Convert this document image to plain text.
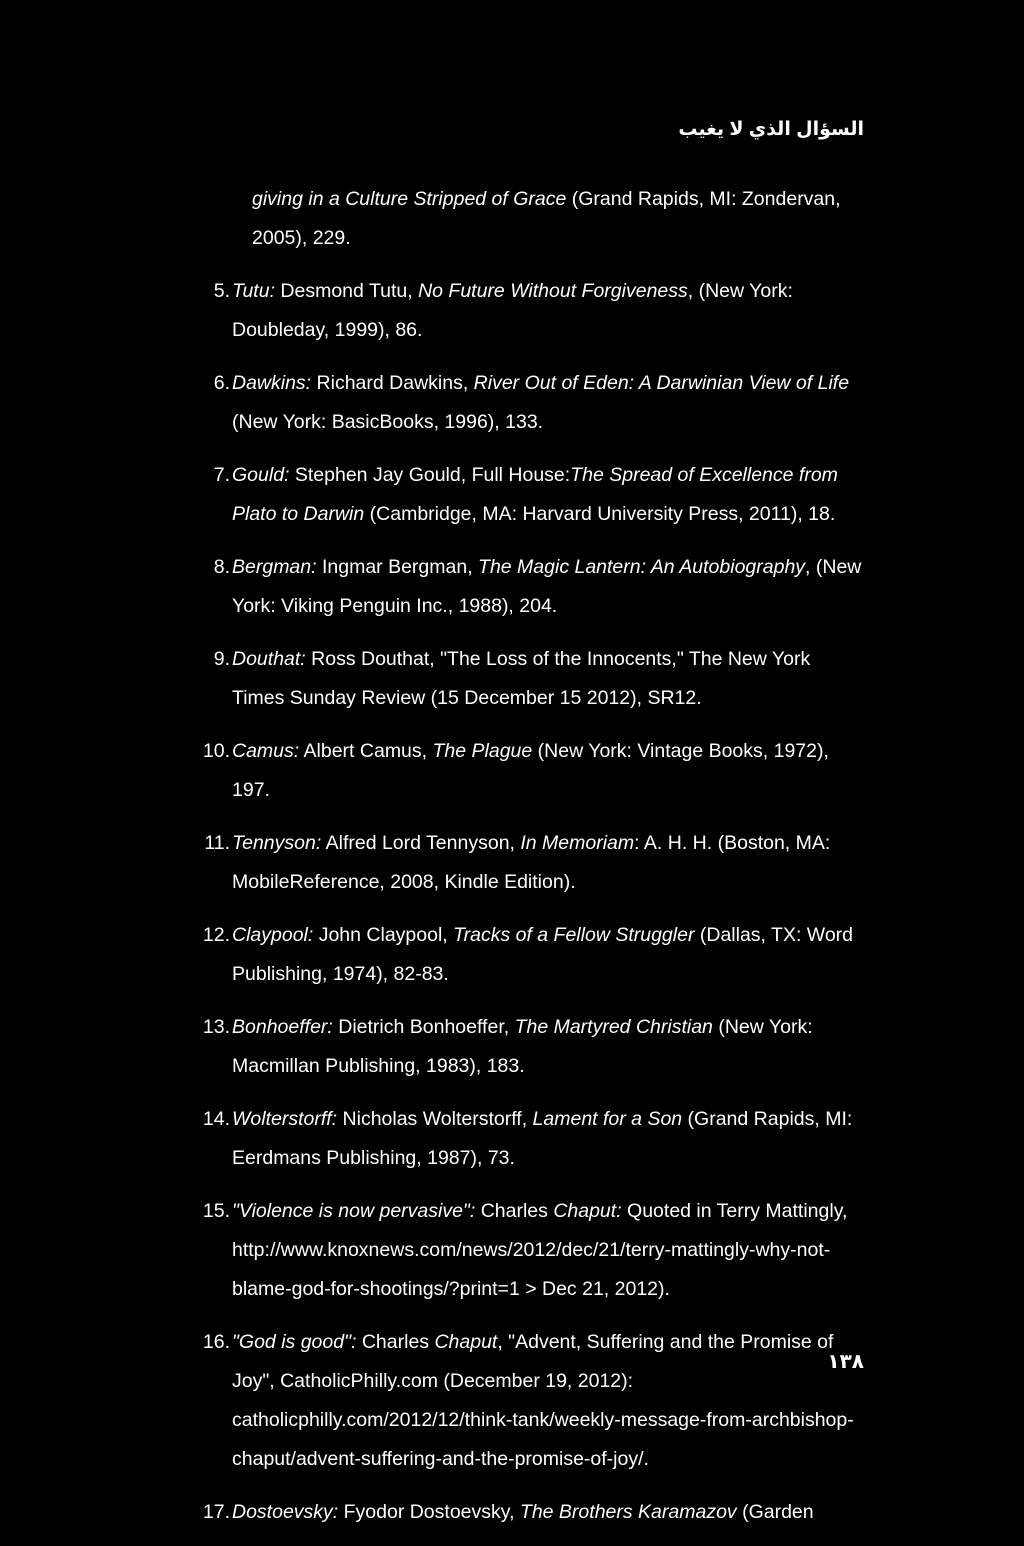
السؤال الذي لا يغيب
giving in a Culture Stripped of Grace (Grand Rapids, MI: Zondervan, 2005), 229.
5. Tutu: Desmond Tutu, No Future Without Forgiveness, (New York: Doubleday, 1999), 86.
6. Dawkins: Richard Dawkins, River Out of Eden: A Darwinian View of Life (New York: BasicBooks, 1996), 133.
7. Gould: Stephen Jay Gould, Full House:The Spread of Excellence from Plato to Darwin (Cambridge, MA: Harvard University Press, 2011), 18.
8. Bergman: Ingmar Bergman, The Magic Lantern: An Autobiography, (New York: Viking Penguin Inc., 1988), 204.
9. Douthat: Ross Douthat, "The Loss of the Innocents," The New York Times Sunday Review (15 December 15 2012), SR12.
10. Camus: Albert Camus, The Plague (New York: Vintage Books, 1972), 197.
11. Tennyson: Alfred Lord Tennyson, In Memoriam: A. H. H. (Boston, MA: MobileReference, 2008, Kindle Edition).
12. Claypool: John Claypool, Tracks of a Fellow Struggler (Dallas, TX: Word Publishing, 1974), 82-83.
13. Bonhoeffer: Dietrich Bonhoeffer, The Martyred Christian (New York: Macmillan Publishing, 1983), 183.
14. Wolterstorff: Nicholas Wolterstorff, Lament for a Son (Grand Rapids, MI: Eerdmans Publishing, 1987), 73.
15. "Violence is now pervasive": Charles Chaput: Quoted in Terry Mattingly, http://www.knoxnews.com/news/2012/dec/21/terry-mattingly-why-not- blame-god-for-shootings/?print=1 > Dec 21, 2012).
16. "God is good": Charles Chaput, "Advent, Suffering and the Promise of Joy", CatholicPhilly.com (December 19, 2012): catholicphilly.com/2012/12/think-tank/weekly-message-from-archbishop-chaput/advent-suffering-and-the-promise-of-joy/.
17. Dostoevsky: Fyodor Dostoevsky, The Brothers Karamazov (Garden
١٣٨
